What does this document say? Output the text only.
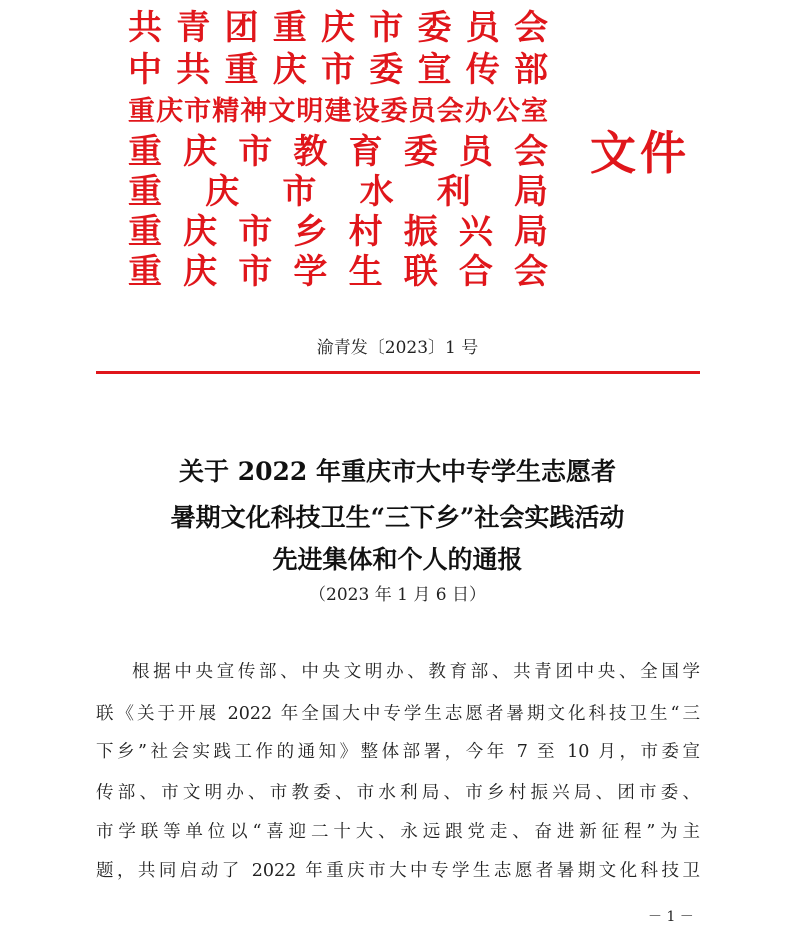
共青团重庆市委员会
中共重庆市委宣传部
重庆市精神文明建设委员会办公室
重庆市教育委员会
重庆市水利局
重庆市乡村振兴局
重庆市学生联合会
文件
渝青发〔2023〕1 号
关于 2022 年重庆市大中专学生志愿者
暑期文化科技卫生“三下乡”社会实践活动
先进集体和个人的通报
（2023 年 1 月 6 日）
根据中央宣传部、中央文明办、教育部、共青团中央、全国学
联《关于开展 2022 年全国大中专学生志愿者暑期文化科技卫生“三
下乡”社会实践工作的通知》整体部署，今年 7 至 10 月，市委宣
传部、市文明办、市教委、市水利局、市乡村振兴局、团市委、
市学联等单位以“喜迎二十大、永远跟党走、奋进新征程”为主
题，共同启动了 2022 年重庆市大中专学生志愿者暑期文化科技卫
－ 1 －
